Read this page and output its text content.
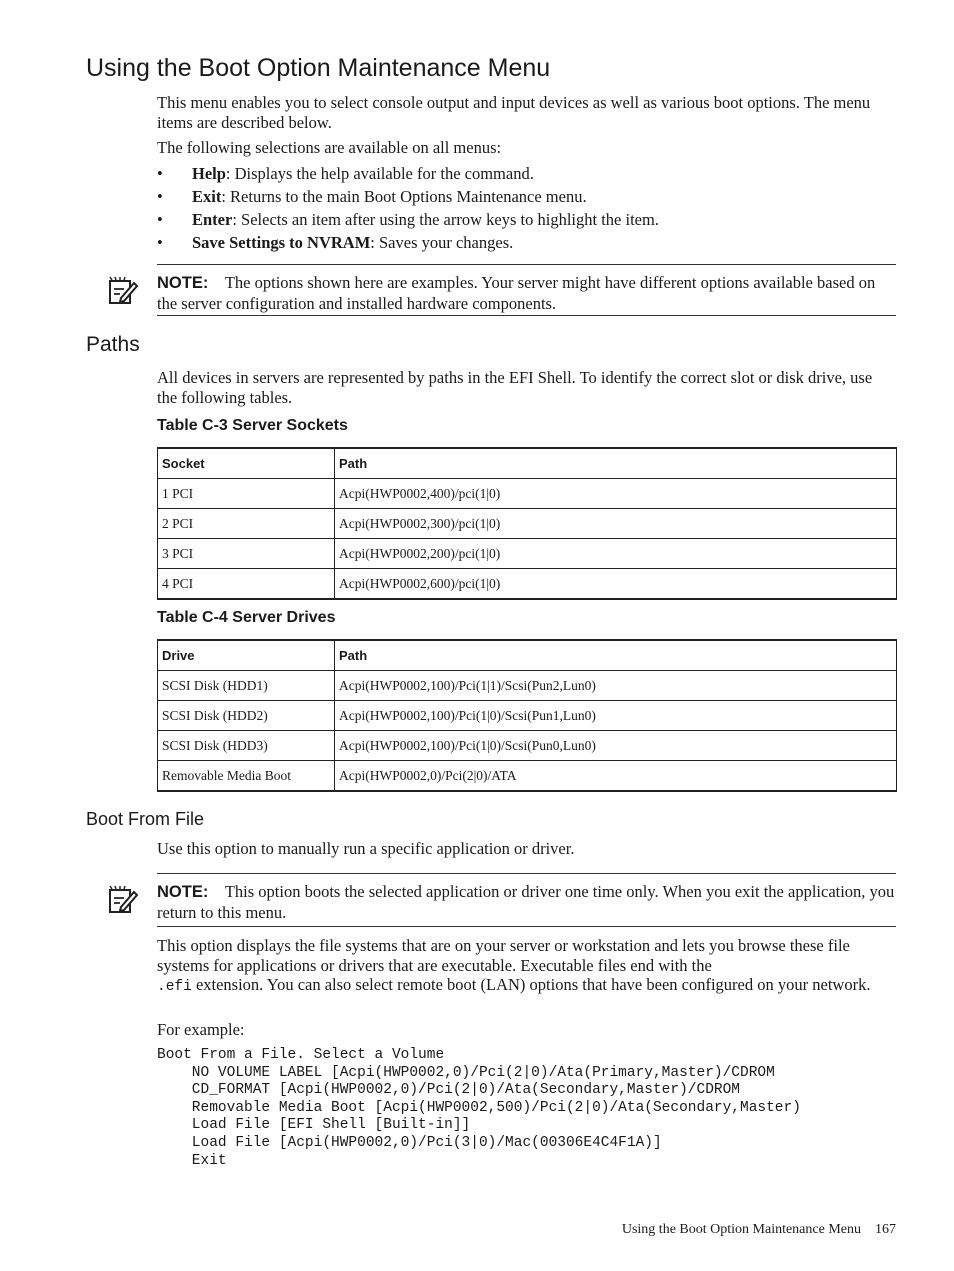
Using the Boot Option Maintenance Menu
This menu enables you to select console output and input devices as well as various boot options. The menu items are described below.
The following selections are available on all menus:
• Help: Displays the help available for the command.
• Exit: Returns to the main Boot Options Maintenance menu.
• Enter: Selects an item after using the arrow keys to highlight the item.
• Save Settings to NVRAM: Saves your changes.
NOTE: The options shown here are examples. Your server might have different options available based on the server configuration and installed hardware components.
Paths
All devices in servers are represented by paths in the EFI Shell. To identify the correct slot or disk drive, use the following tables.
Table C-3 Server Sockets
Socket	Path
1 PCI	Acpi(HWP0002,400)/pci(1|0)
2 PCI	Acpi(HWP0002,300)/pci(1|0)
3 PCI	Acpi(HWP0002,200)/pci(1|0)
4 PCI	Acpi(HWP0002,600)/pci(1|0)
Table C-4 Server Drives
Drive	Path
SCSI Disk (HDD1)	Acpi(HWP0002,100)/Pci(1|1)/Scsi(Pun2,Lun0)
SCSI Disk (HDD2)	Acpi(HWP0002,100)/Pci(1|0)/Scsi(Pun1,Lun0)
SCSI Disk (HDD3)	Acpi(HWP0002,100)/Pci(1|0)/Scsi(Pun0,Lun0)
Removable Media Boot	Acpi(HWP0002,0)/Pci(2|0)/ATA
Boot From File
Use this option to manually run a specific application or driver.
NOTE: This option boots the selected application or driver one time only. When you exit the application, you return to this menu.
This option displays the file systems that are on your server or workstation and lets you browse these file systems for applications or drivers that are executable. Executable files end with the
.efi extension. You can also select remote boot (LAN) options that have been configured on your network.
For example:
Boot From a File. Select a Volume
NO VOLUME LABEL [Acpi(HWP0002,0)/Pci(2|0)/Ata(Primary,Master)/CDROM
CD_FORMAT [Acpi(HWP0002,0)/Pci(2|0)/Ata(Secondary,Master)/CDROM
Removable Media Boot [Acpi(HWP0002,500)/Pci(2|0)/Ata(Secondary,Master)
Load File [EFI Shell [Built-in]]
Load File [Acpi(HWP0002,0)/Pci(3|0)/Mac(00306E4C4F1A)]
Exit
Using the Boot Option Maintenance Menu 167
